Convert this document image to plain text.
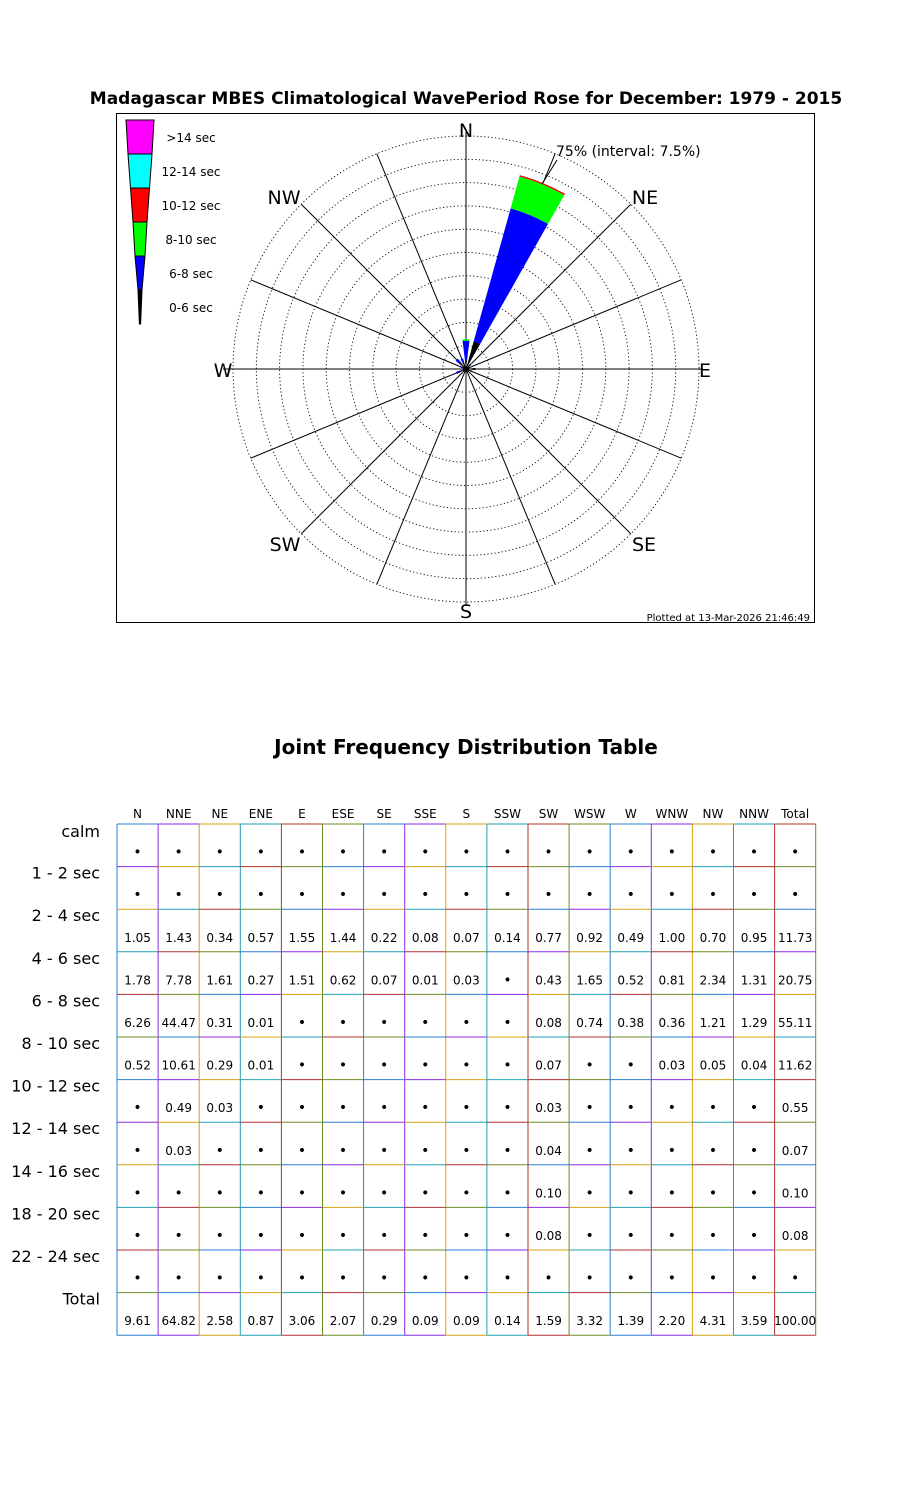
Madagascar MBES Climatological WavePeriod Rose for December: 1979 - 2015
N
NE
E
SE
S
SW
W
NW
75% (interval: 7.5%)
>14 sec
12-14 sec
10-12 sec
8-10 sec
6-8 sec
0-6 sec
Plotted at 13-Mar-2026 21:46:49
Joint Frequency Distribution Table
N NNE NE ENE E ESE SE SSE S SSW SW WSW W WNW NW NNW Total
calm
1 - 2 sec
2 - 4 sec
4 - 6 sec
6 - 8 sec
8 - 10 sec
10 - 12 sec
12 - 14 sec
14 - 16 sec
18 - 20 sec
22 - 24 sec
Total
• • • • • • • • • • • • • • • • •
• • • • • • • • • • • • • • • • •
1.05 1.43 0.34 0.57 1.55 1.44 0.22 0.08 0.07 0.14 0.77 0.92 0.49 1.00 0.70 0.95 11.73
1.78 7.78 1.61 0.27 1.51 0.62 0.07 0.01 0.03 • 0.43 1.65 0.52 0.81 2.34 1.31 20.75
6.26 44.47 0.31 0.01 • • • • • • 0.08 0.74 0.38 0.36 1.21 1.29 55.11
0.52 10.61 0.29 0.01 • • • • • • 0.07 • • 0.03 0.05 0.04 11.62
• 0.49 0.03 • • • • • • • 0.03 • • • • • 0.55
• 0.03 • • • • • • • • 0.04 • • • • • 0.07
• • • • • • • • • • 0.10 • • • • • 0.10
• • • • • • • • • • 0.08 • • • • • 0.08
• • • • • • • • • • • • • • • • •
9.61 64.82 2.58 0.87 3.06 2.07 0.29 0.09 0.09 0.14 1.59 3.32 1.39 2.20 4.31 3.59 100.00
